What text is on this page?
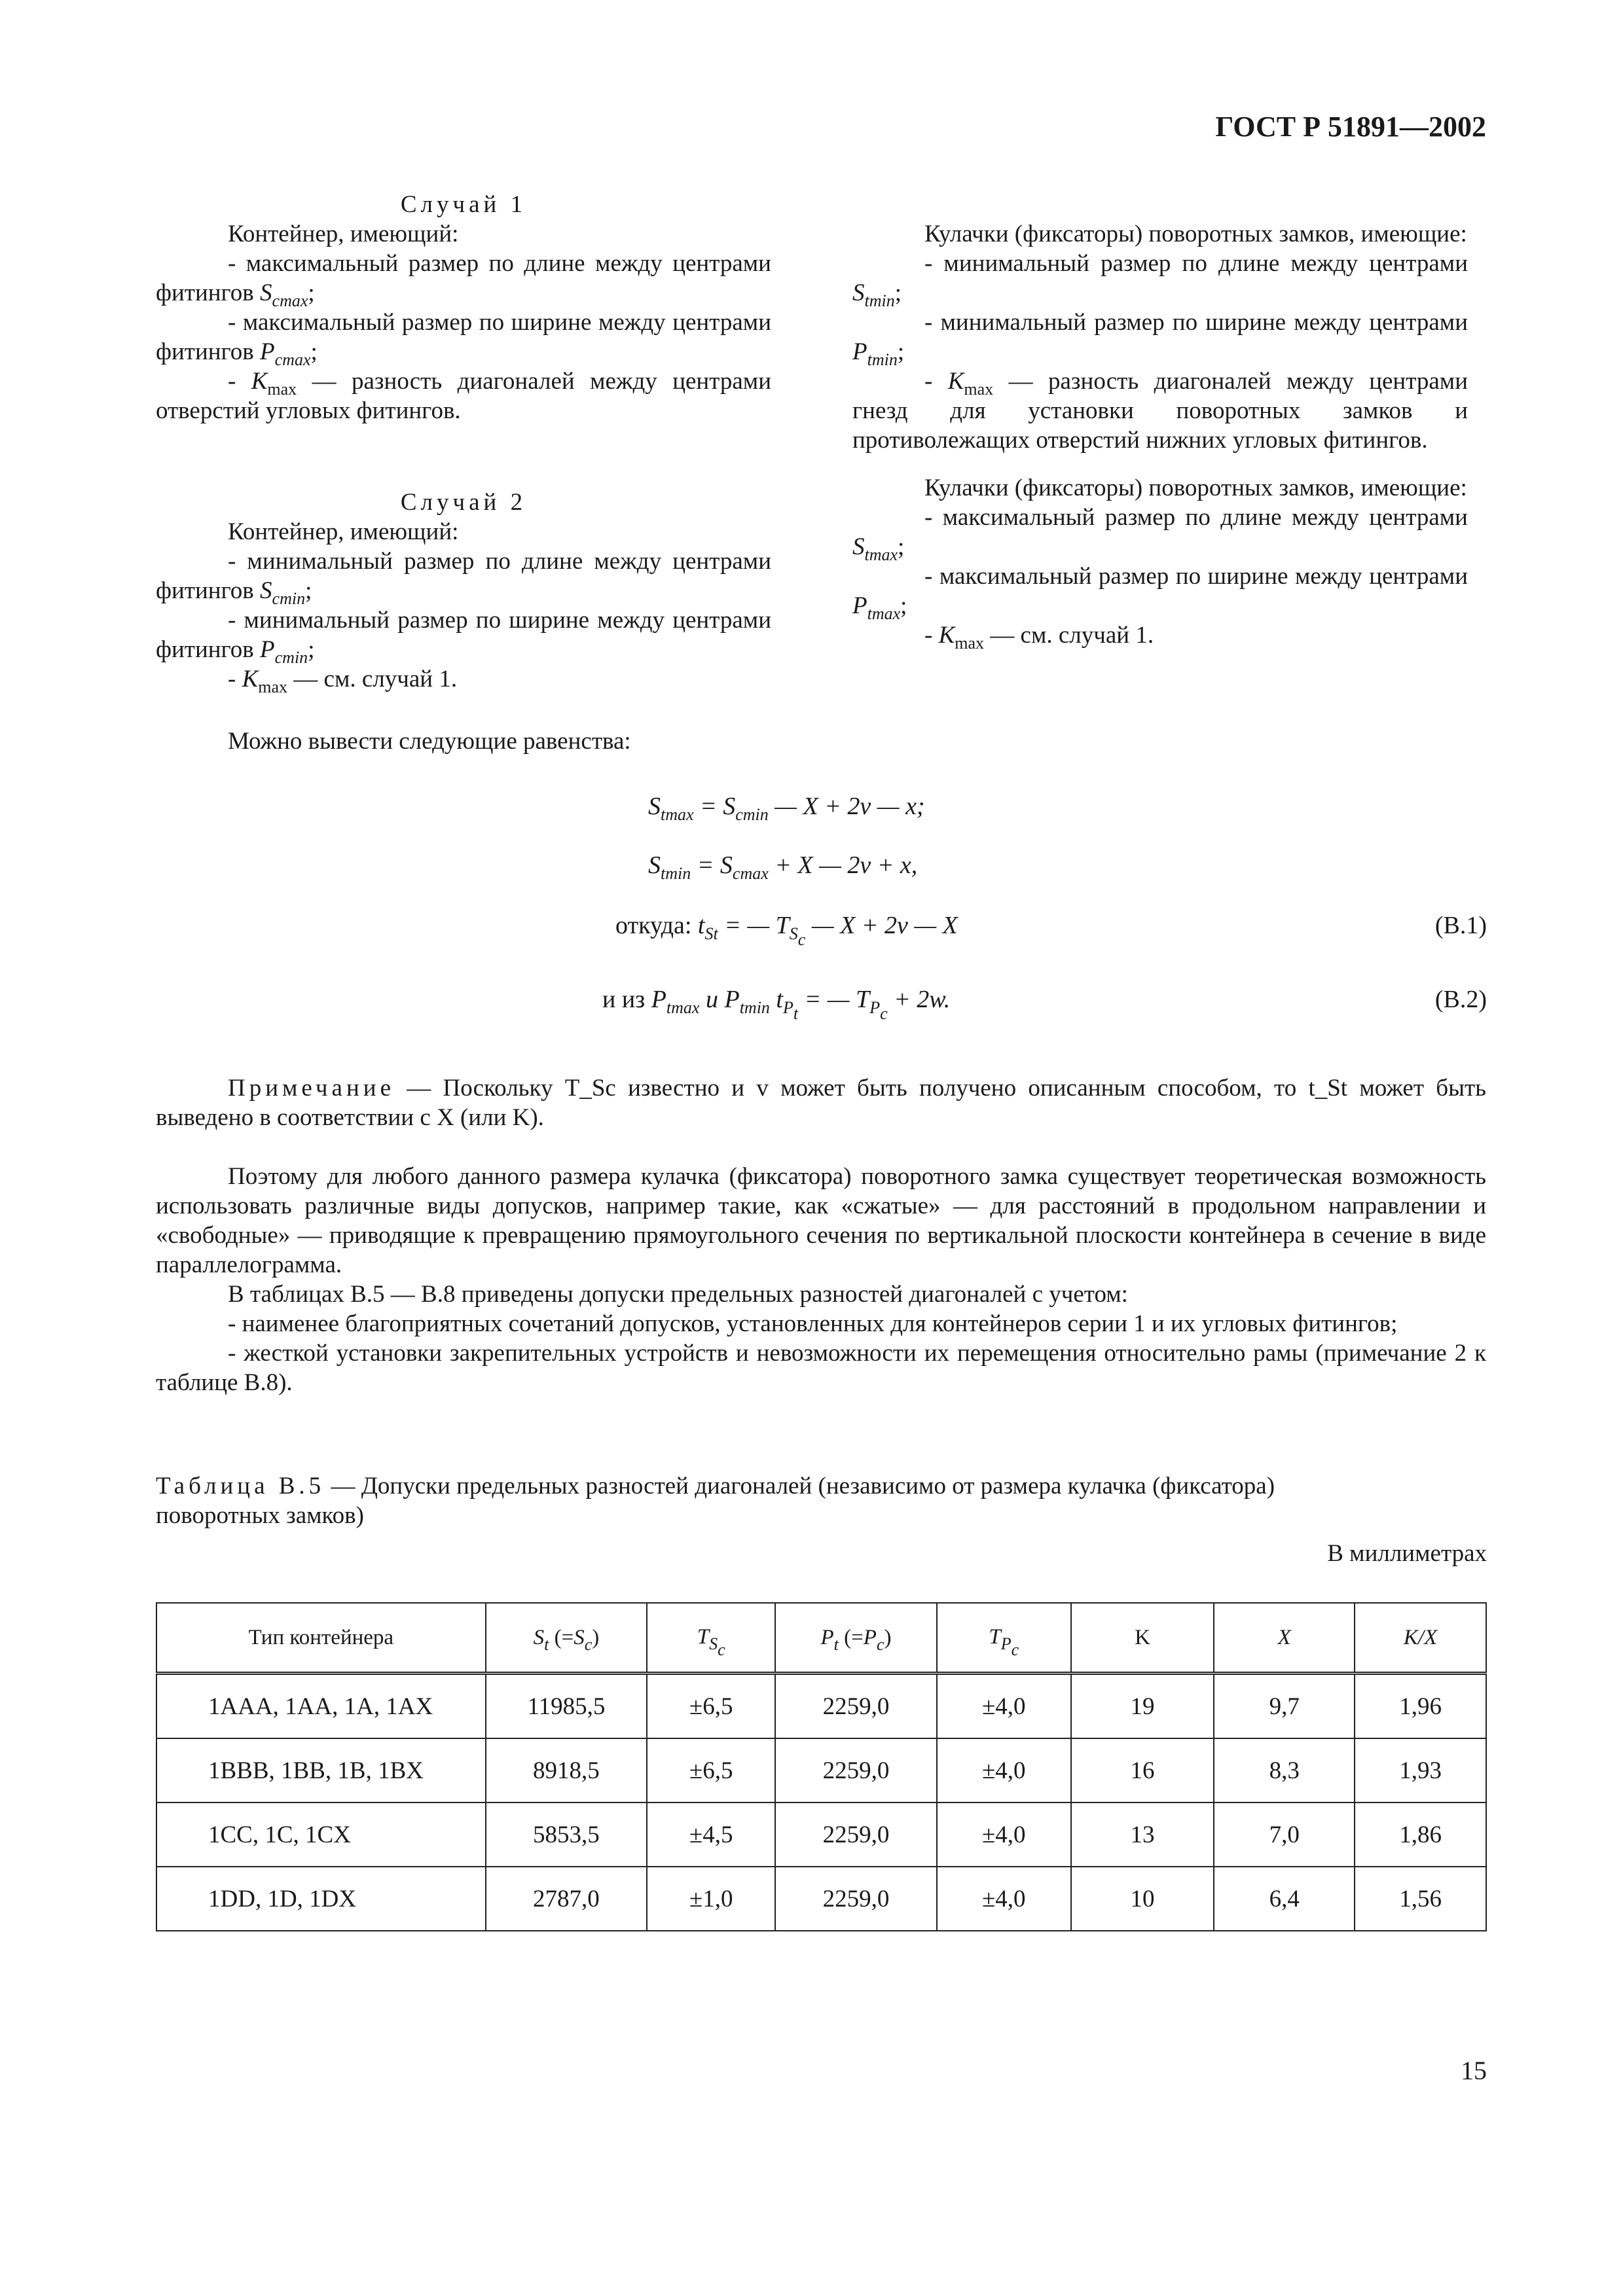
ГОСТ Р 51891—2002
Случай 1
Контейнер, имеющий:
- максимальный размер по длине между центрами фитингов $S_{cmax}$;
- максимальный размер по ширине между центрами фитингов $P_{cmax}$;
- $K_{max}$ — разность диагоналей между центрами отверстий угловых фитингов.
Случай 2
Контейнер, имеющий:
- минимальный размер по длине между центрами фитингов $S_{cmin}$;
- минимальный размер по ширине между центрами фитингов $P_{cmin}$;
- $K_{max}$ — см. случай 1.
Кулачки (фиксаторы) поворотных замков, имеющие:
- минимальный размер по длине между центрами $S_{tmin}$;
- минимальный размер по ширине между центрами $P_{tmin}$;
- $K_{max}$ — разность диагоналей между центрами гнезд для установки поворотных замков и противолежащих отверстий нижних угловых фитингов.
Кулачки (фиксаторы) поворотных замков, имеющие:
- максимальный размер по длине между центрами $S_{tmax}$;
- максимальный размер по ширине между центрами $P_{tmax}$;
- $K_{max}$ — см. случай 1.
Можно вывести следующие равенства:
$S_{tmax} = S_{cmin}$ — X + 2v — x;
$S_{tmin} = S_{cmax} + X$ — 2v + x,
откуда: $t_{St}$ = — $T_{S_c}$ — X + 2v — X	(В.1)
и из $P_{tmax}$ и $P_{tmin}$ $t_{P_t}$ = — $T_{P_c} + 2w$.	(В.2)
Примечание — Поскольку T_Sc известно и v может быть получено описанным способом, то t_St может быть выведено в соответствии с X (или K).
Поэтому для любого данного размера кулачка (фиксатора) поворотного замка существует теоретическая возможность использовать различные виды допусков, например такие, как «сжатые» — для расстояний в продольном направлении и «свободные» — приводящие к превращению прямоугольного сечения по вертикальной плоскости контейнера в сечение в виде параллелограмма.
В таблицах В.5 — В.8 приведены допуски предельных разностей диагоналей с учетом:
- наименее благоприятных сочетаний допусков, установленных для контейнеров серии 1 и их угловых фитингов;
- жесткой установки закрепительных устройств и невозможности их перемещения относительно рамы (примечание 2 к таблице В.8).
Таблица В.5 — Допуски предельных разностей диагоналей (независимо от размера кулачка (фиксатора) поворотных замков)
В миллиметрах
Тип контейнера	$S_t$ $(=S_c)$	$T_{S_c}$	$P_t$ $(=P_c)$	$T_{P_c}$	K	X	K/X
1AAA, 1AA, 1A, 1AX	11985,5	±6,5	2259,0	±4,0	19	9,7	1,96
1BBB, 1BB, 1B, 1BX	8918,5	±6,5	2259,0	±4,0	16	8,3	1,93
1CC, 1C, 1CX	5853,5	±4,5	2259,0	±4,0	13	7,0	1,86
1DD, 1D, 1DX	2787,0	±1,0	2259,0	±4,0	10	6,4	1,56
15
